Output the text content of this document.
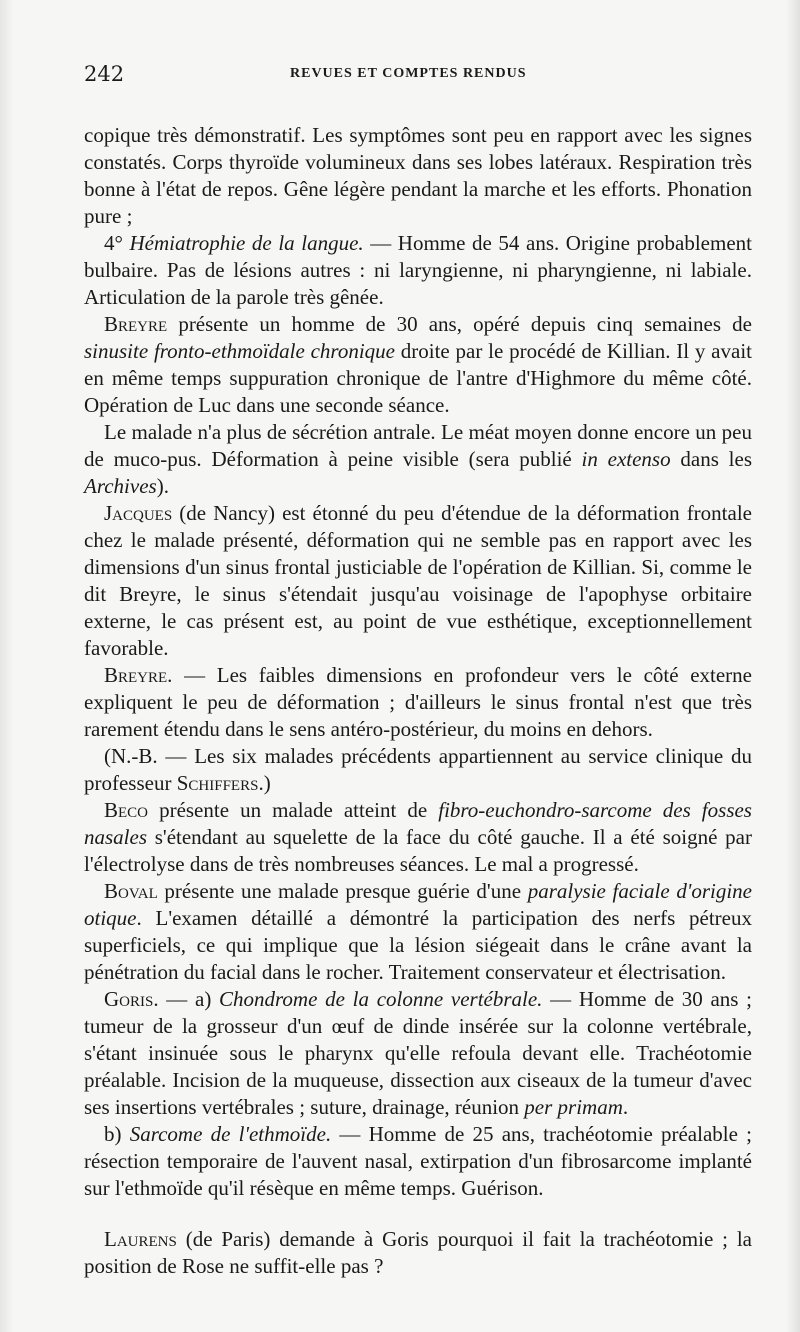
242	REVUES ET COMPTES RENDUS

copique très démonstratif. Les symptômes sont peu en rapport avec les signes constatés. Corps thyroïde volumineux dans ses lobes latéraux. Respiration très bonne à l'état de repos. Gêne légère pendant la marche et les efforts. Phonation pure ;

4° Hémiatrophie de la langue. — Homme de 54 ans. Origine probablement bulbaire. Pas de lésions autres : ni laryngienne, ni pharyngienne, ni labiale. Articulation de la parole très gênée.

Breyre présente un homme de 30 ans, opéré depuis cinq semaines de sinusite fronto-ethmoïdale chronique droite par le procédé de Killian. Il y avait en même temps suppuration chronique de l'antre d'Highmore du même côté. Opération de Luc dans une seconde séance.

Le malade n'a plus de sécrétion antrale. Le méat moyen donne encore un peu de muco-pus. Déformation à peine visible (sera publié in extenso dans les Archives).

Jacques (de Nancy) est étonné du peu d'étendue de la déformation frontale chez le malade présenté, déformation qui ne semble pas en rapport avec les dimensions d'un sinus frontal justiciable de l'opération de Killian. Si, comme le dit Breyre, le sinus s'étendait jusqu'au voisinage de l'apophyse orbitaire externe, le cas présent est, au point de vue esthétique, exceptionnellement favorable.

Breyre. — Les faibles dimensions en profondeur vers le côté externe expliquent le peu de déformation ; d'ailleurs le sinus frontal n'est que très rarement étendu dans le sens antéro-postérieur, du moins en dehors.

(N.-B. — Les six malades précédents appartiennent au service clinique du professeur Schiffers.)

Beco présente un malade atteint de fibro-euchondro-sarcome des fosses nasales s'étendant au squelette de la face du côté gauche. Il a été soigné par l'électrolyse dans de très nombreuses séances. Le mal a progressé.

Boval présente une malade presque guérie d'une paralysie faciale d'origine otique. L'examen détaillé a démontré la participation des nerfs pétreux superficiels, ce qui implique que la lésion siégeait dans le crâne avant la pénétration du facial dans le rocher. Traitement conservateur et électrisation.

Goris. — a) Chondrome de la colonne vertébrale. — Homme de 30 ans ; tumeur de la grosseur d'un œuf de dinde insérée sur la colonne vertébrale, s'étant insinuée sous le pharynx qu'elle refoula devant elle. Trachéotomie préalable. Incision de la muqueuse, dissection aux ciseaux de la tumeur d'avec ses insertions vertébrales ; suture, drainage, réunion per primam.

b) Sarcome de l'ethmoïde. — Homme de 25 ans, trachéotomie préalable ; résection temporaire de l'auvent nasal, extirpation d'un fibrosarcome implanté sur l'ethmoïde qu'il résèque en même temps. Guérison.

Laurens (de Paris) demande à Goris pourquoi il fait la trachéotomie ; la position de Rose ne suffit-elle pas ?
